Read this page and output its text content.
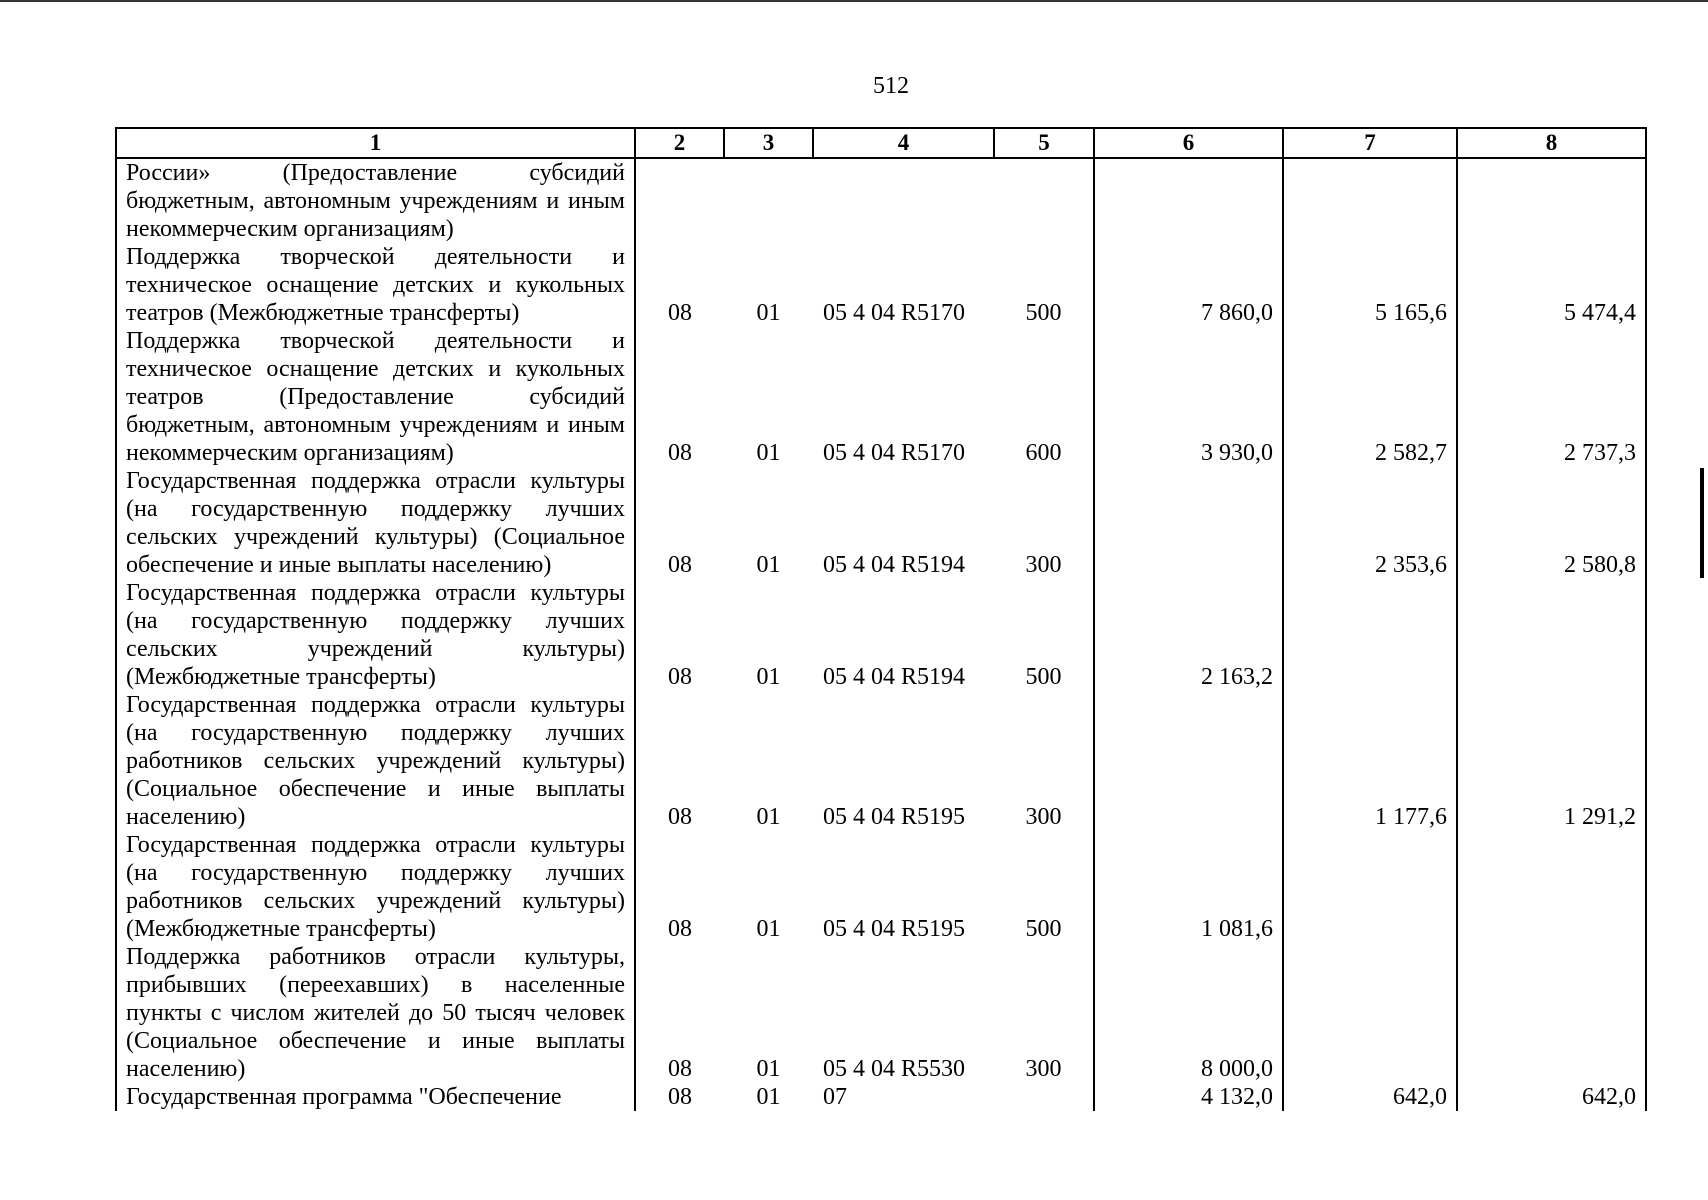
512
1	2	3	4	5	6	7	8

России» (Предоставление субсидий
бюджетным, автономным учреждениям и иным
некоммерческим организациям)							

Поддержка творческой деятельности и
техническое оснащение детских и кукольных
театров (Межбюджетные трансферты)	08	01	05 4 04 R5170	500	7 860,0	5 165,6	5 474,4

Поддержка творческой деятельности и
техническое оснащение детских и кукольных
театров (Предоставление субсидий
бюджетным, автономным учреждениям и иным
некоммерческим организациям)	08	01	05 4 04 R5170	600	3 930,0	2 582,7	2 737,3

Государственная поддержка отрасли культуры
(на государственную поддержку лучших
сельских учреждений культуры) (Социальное
обеспечение и иные выплаты населению)	08	01	05 4 04 R5194	300		2 353,6	2 580,8

Государственная поддержка отрасли культуры
(на государственную поддержку лучших
сельских учреждений культуры)
(Межбюджетные трансферты)	08	01	05 4 04 R5194	500	2 163,2		

Государственная поддержка отрасли культуры
(на государственную поддержку лучших
работников сельских учреждений культуры)
(Социальное обеспечение и иные выплаты
населению)	08	01	05 4 04 R5195	300		1 177,6	1 291,2

Государственная поддержка отрасли культуры
(на государственную поддержку лучших
работников сельских учреждений культуры)
(Межбюджетные трансферты)	08	01	05 4 04 R5195	500	1 081,6		

Поддержка работников отрасли культуры,
прибывших (переехавших) в населенные
пункты с числом жителей до 50 тысяч человек
(Социальное обеспечение и иные выплаты
населению)	08	01	05 4 04 R5530	300	8 000,0		

Государственная программа "Обеспечение	08	01	07		4 132,0	642,0	642,0
